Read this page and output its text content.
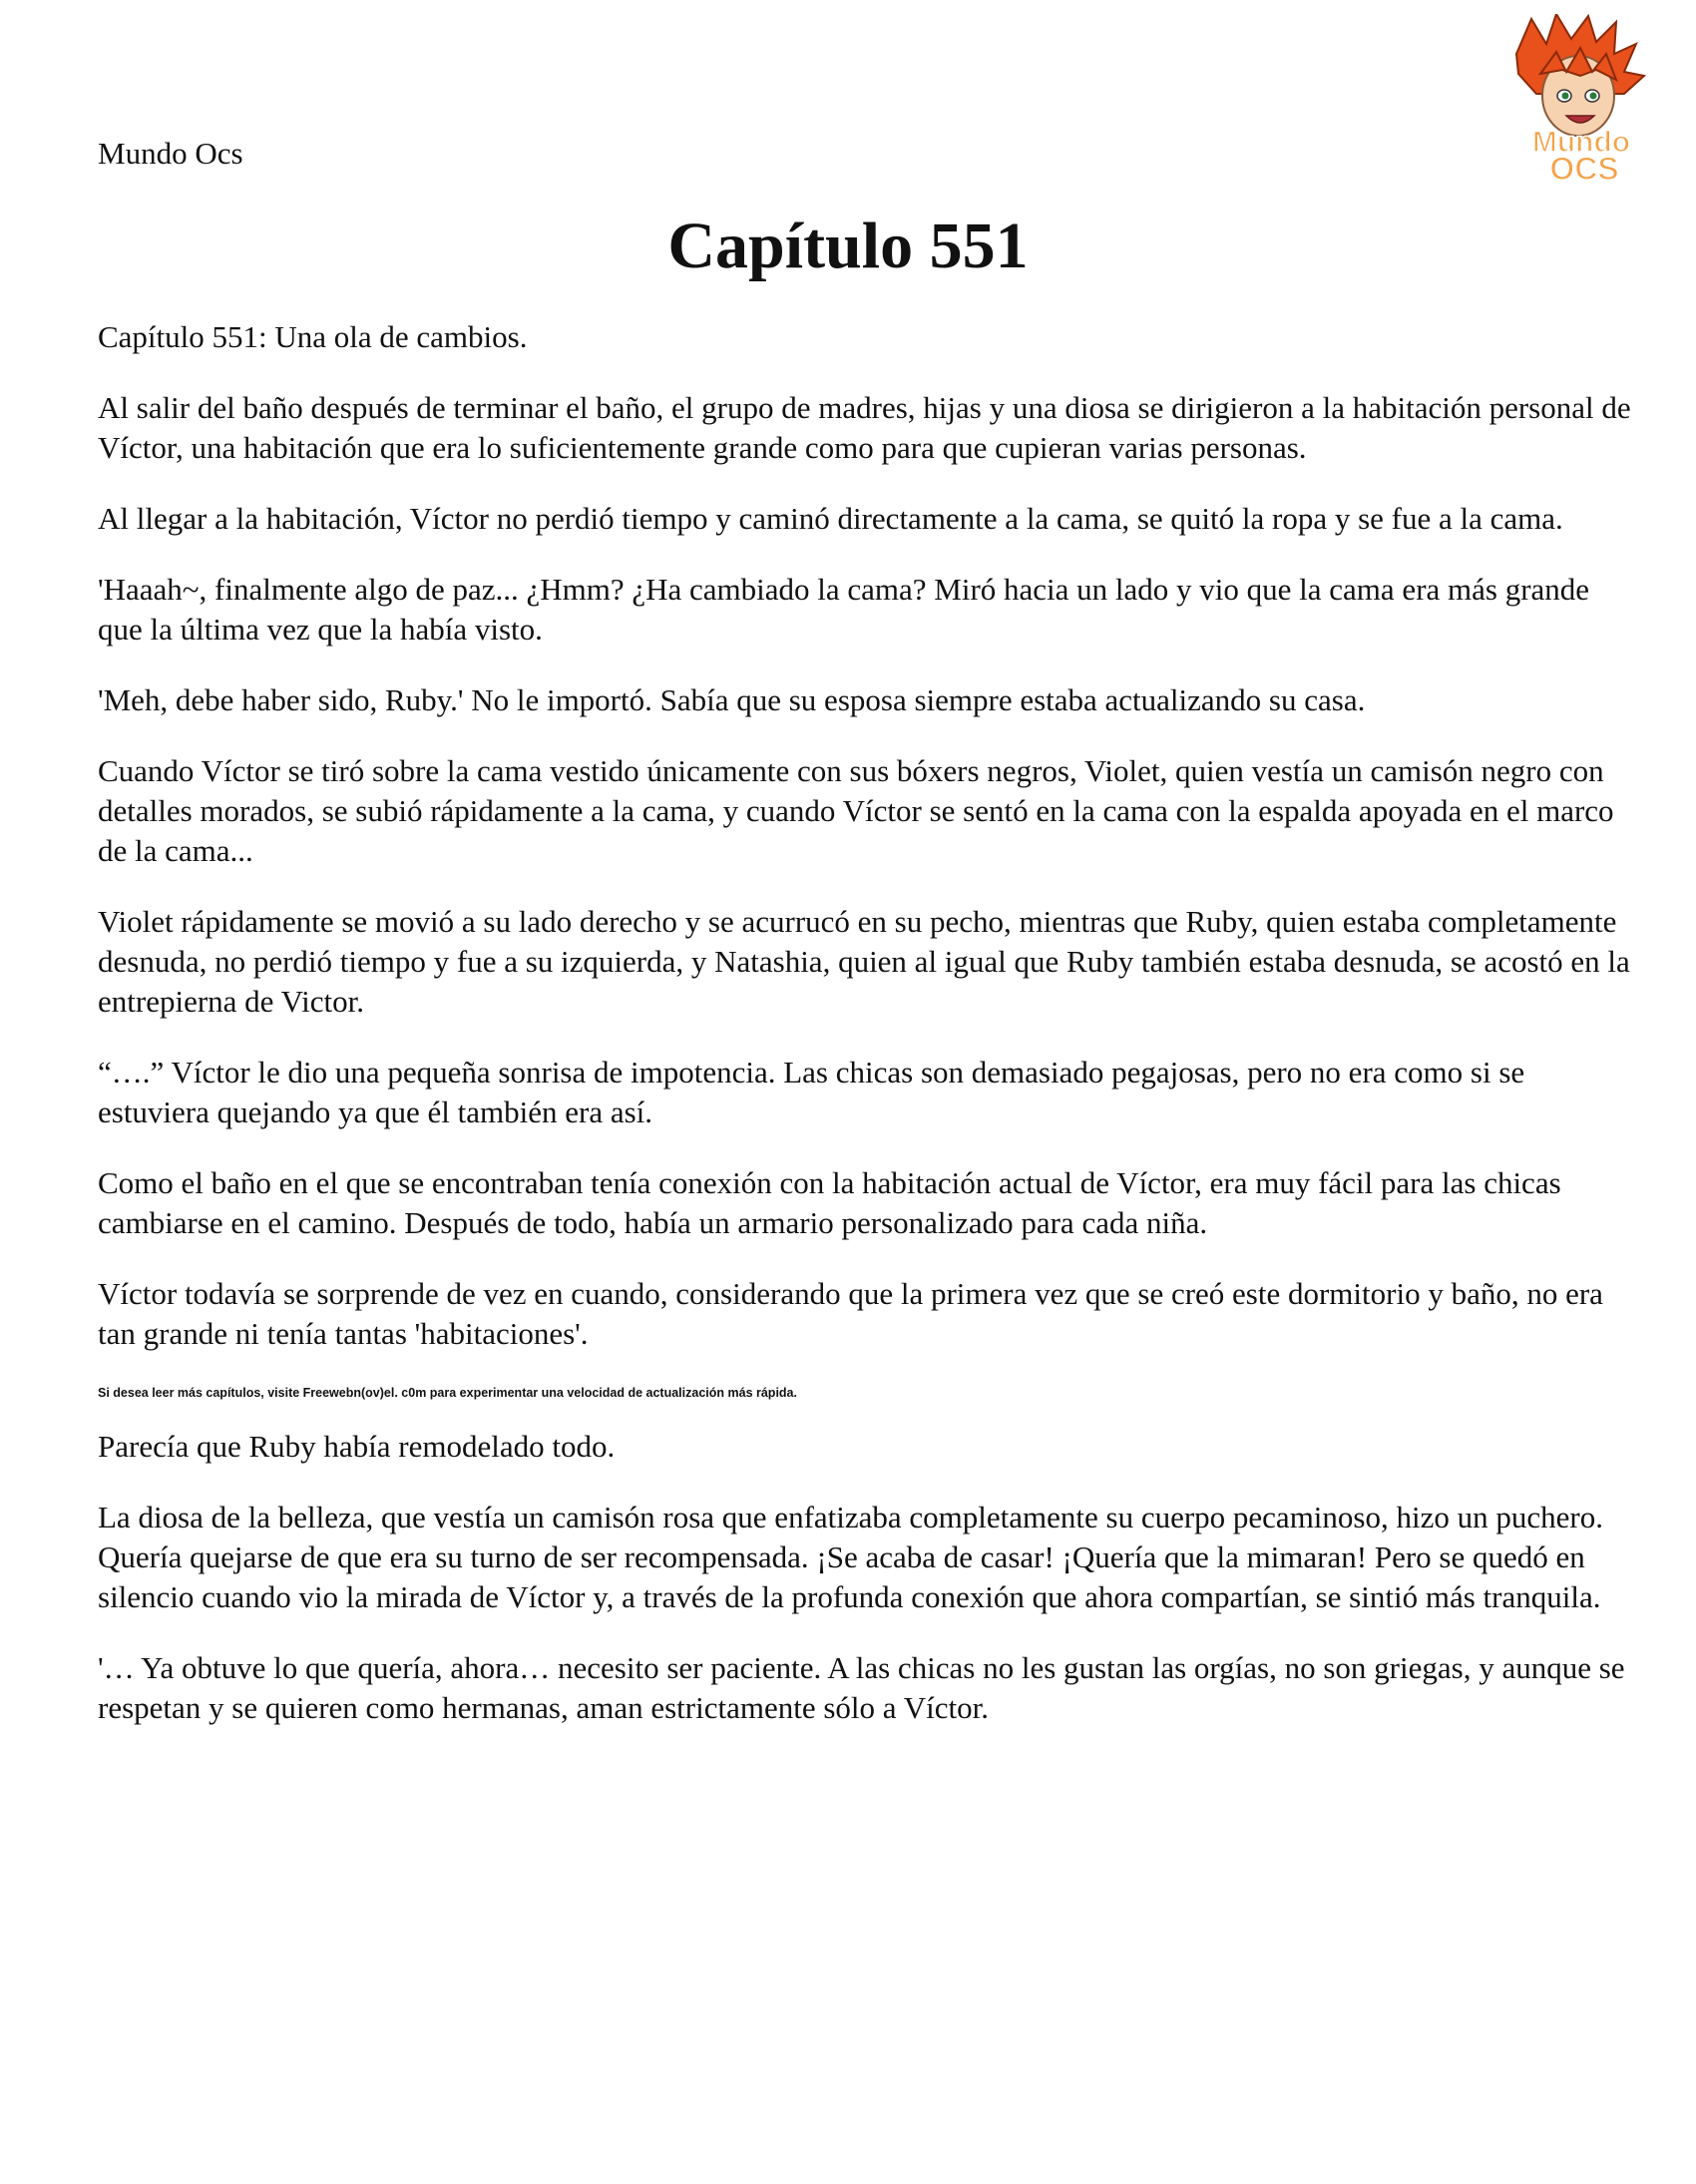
Mundo Ocs	Mundo
OCS
Capítulo 551

Capítulo 551: Una ola de cambios.

Al salir del baño después de terminar el baño, el grupo de madres, hijas y una diosa se dirigieron a la habitación personal de Víctor, una habitación que era lo suficientemente grande como para que cupieran varias personas.

Al llegar a la habitación, Víctor no perdió tiempo y caminó directamente a la cama, se quitó la ropa y se fue a la cama.

'Haaah~, finalmente algo de paz... ¿Hmm? ¿Ha cambiado la cama? Miró hacia un lado y vio que la cama era más grande que la última vez que la había visto.

'Meh, debe haber sido, Ruby.' No le importó. Sabía que su esposa siempre estaba actualizando su casa.

Cuando Víctor se tiró sobre la cama vestido únicamente con sus bóxers negros, Violet, quien vestía un camisón negro con detalles morados, se subió rápidamente a la cama, y cuando Víctor se sentó en la cama con la espalda apoyada en el marco de la cama...

Violet rápidamente se movió a su lado derecho y se acurrucó en su pecho, mientras que Ruby, quien estaba completamente desnuda, no perdió tiempo y fue a su izquierda, y Natashia, quien al igual que Ruby también estaba desnuda, se acostó en la entrepierna de Victor.

“….” Víctor le dio una pequeña sonrisa de impotencia. Las chicas son demasiado pegajosas, pero no era como si se estuviera quejando ya que él también era así.

Como el baño en el que se encontraban tenía conexión con la habitación actual de Víctor, era muy fácil para las chicas cambiarse en el camino. Después de todo, había un armario personalizado para cada niña.

Víctor todavía se sorprende de vez en cuando, considerando que la primera vez que se creó este dormitorio y baño, no era tan grande ni tenía tantas 'habitaciones'.

Si desea leer más capítulos, visite Freewebn(ov)el. c0m para experimentar una velocidad de actualización más rápida.

Parecía que Ruby había remodelado todo.

La diosa de la belleza, que vestía un camisón rosa que enfatizaba completamente su cuerpo pecaminoso, hizo un puchero. Quería quejarse de que era su turno de ser recompensada. ¡Se acaba de casar! ¡Quería que la mimaran! Pero se quedó en silencio cuando vio la mirada de Víctor y, a través de la profunda conexión que ahora compartían, se sintió más tranquila.

'… Ya obtuve lo que quería, ahora… necesito ser paciente. A las chicas no les gustan las orgías, no son griegas, y aunque se respetan y se quieren como hermanas, aman estrictamente sólo a Víctor.
